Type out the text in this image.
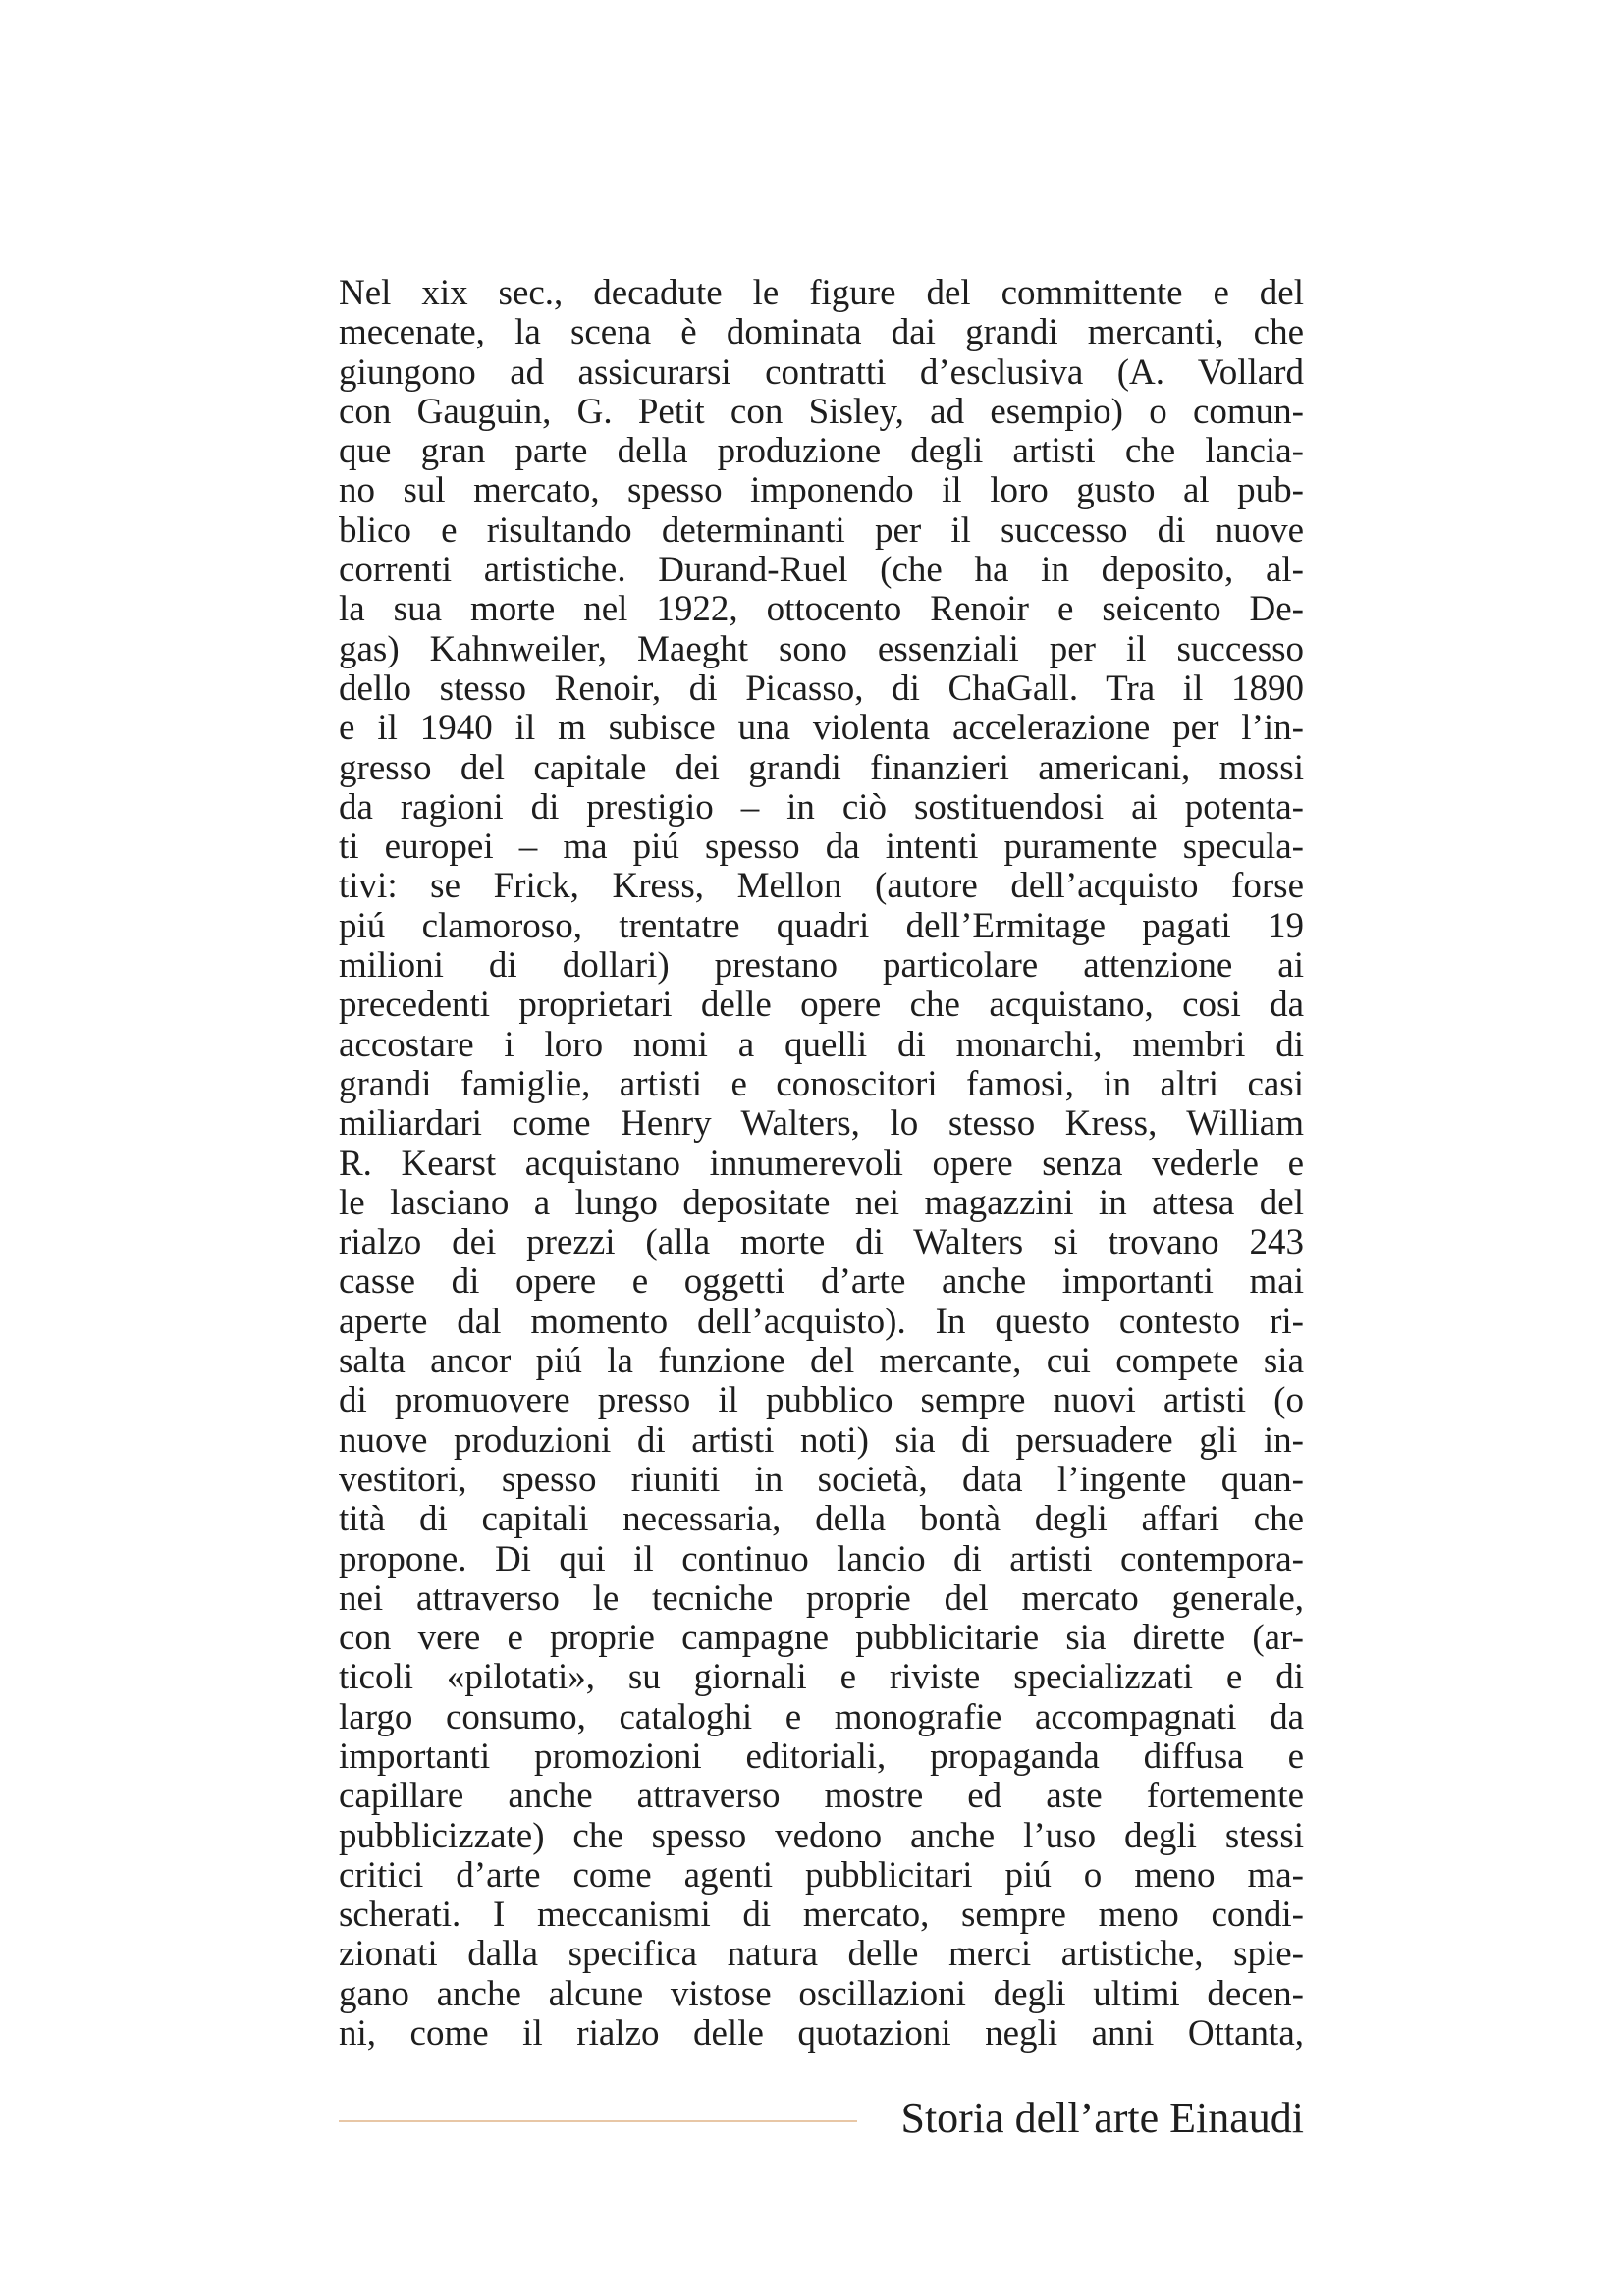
Nel xix sec., decadute le figure del committente e del
mecenate, la scena è dominata dai grandi mercanti, che
giungono ad assicurarsi contratti d’esclusiva (A. Vollard
con Gauguin, G. Petit con Sisley, ad esempio) o comun-
que gran parte della produzione degli artisti che lancia-
no sul mercato, spesso imponendo il loro gusto al pub-
blico e risultando determinanti per il successo di nuove
correnti artistiche. Durand-Ruel (che ha in deposito, al-
la sua morte nel 1922, ottocento Renoir e seicento De-
gas) Kahnweiler, Maeght sono essenziali per il successo
dello stesso Renoir, di Picasso, di ChaGall. Tra il 1890
e il 1940 il m subisce una violenta accelerazione per l’in-
gresso del capitale dei grandi finanzieri americani, mossi
da ragioni di prestigio – in ciò sostituendosi ai potenta-
ti europei – ma piú spesso da intenti puramente specula-
tivi: se Frick, Kress, Mellon (autore dell’acquisto forse
piú clamoroso, trentatre quadri dell’Ermitage pagati 19
milioni di dollari) prestano particolare attenzione ai
precedenti proprietari delle opere che acquistano, cosi da
accostare i loro nomi a quelli di monarchi, membri di
grandi famiglie, artisti e conoscitori famosi, in altri casi
miliardari come Henry Walters, lo stesso Kress, William
R. Kearst acquistano innumerevoli opere senza vederle e
le lasciano a lungo depositate nei magazzini in attesa del
rialzo dei prezzi (alla morte di Walters si trovano 243
casse di opere e oggetti d’arte anche importanti mai
aperte dal momento dell’acquisto). In questo contesto ri-
salta ancor piú la funzione del mercante, cui compete sia
di promuovere presso il pubblico sempre nuovi artisti (o
nuove produzioni di artisti noti) sia di persuadere gli in-
vestitori, spesso riuniti in società, data l’ingente quan-
tità di capitali necessaria, della bontà degli affari che
propone. Di qui il continuo lancio di artisti contempora-
nei attraverso le tecniche proprie del mercato generale,
con vere e proprie campagne pubblicitarie sia dirette (ar-
ticoli «pilotati», su giornali e riviste specializzati e di
largo consumo, cataloghi e monografie accompagnati da
importanti promozioni editoriali, propaganda diffusa e
capillare anche attraverso mostre ed aste fortemente
pubblicizzate) che spesso vedono anche l’uso degli stessi
critici d’arte come agenti pubblicitari piú o meno ma-
scherati. I meccanismi di mercato, sempre meno condi-
zionati dalla specifica natura delle merci artistiche, spie-
gano anche alcune vistose oscillazioni degli ultimi decen-
ni, come il rialzo delle quotazioni negli anni Ottanta,
Storia dell’arte Einaudi
